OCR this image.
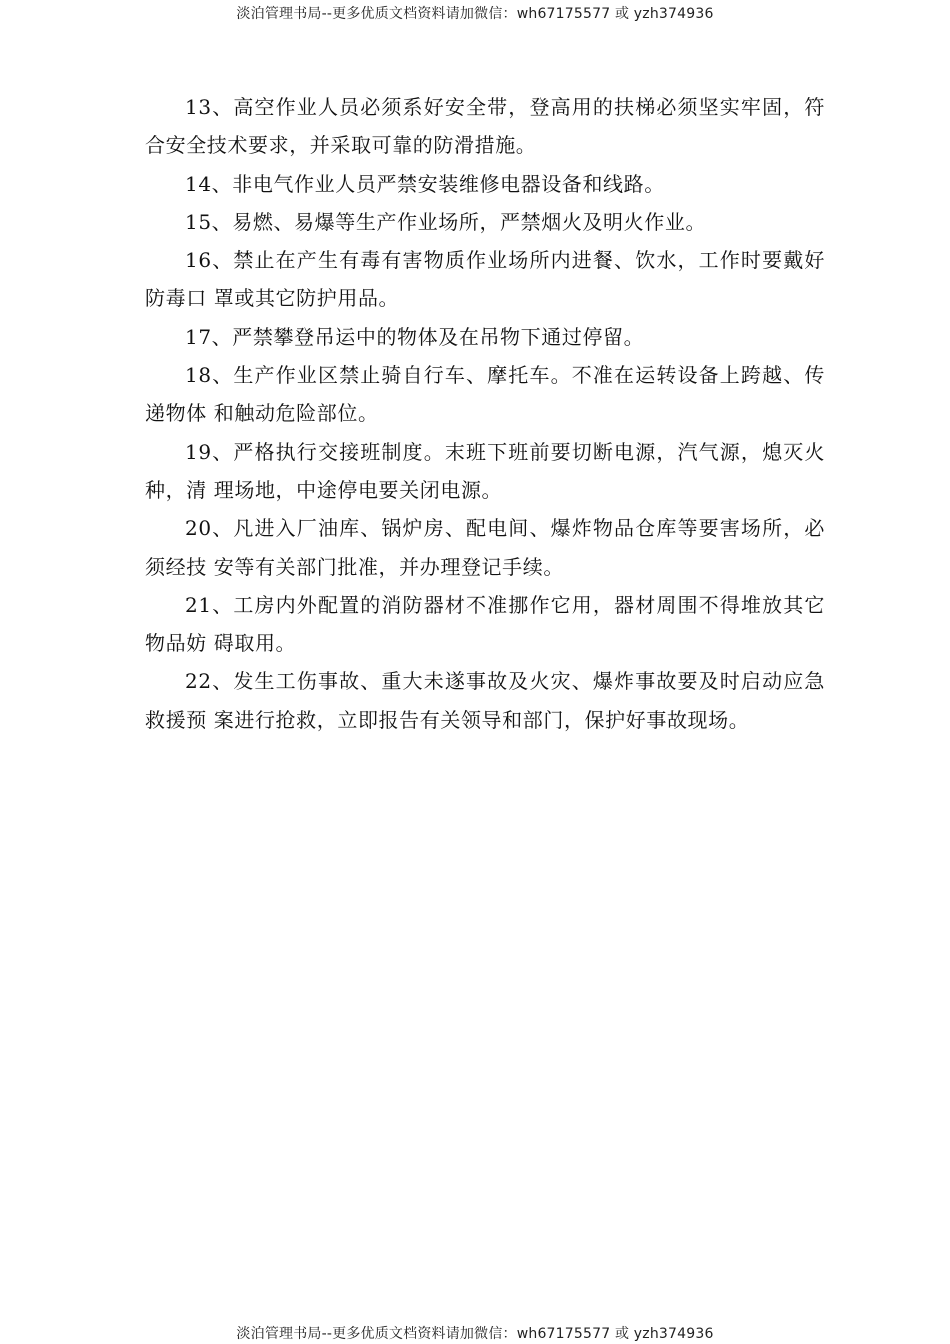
淡泊管理书局--更多优质文档资料请加微信：wh67175577 或 yzh374936

13、高空作业人员必须系好安全带，登高用的扶梯必须坚实牢固，符合安全技术要求，并采取可靠的防滑措施。

14、非电气作业人员严禁安装维修电器设备和线路。

15、易燃、易爆等生产作业场所，严禁烟火及明火作业。

16、禁止在产生有毒有害物质作业场所内进餐、饮水，工作时要戴好防毒口 罩或其它防护用品。

17、严禁攀登吊运中的物体及在吊物下通过停留。

18、生产作业区禁止骑自行车、摩托车。不准在运转设备上跨越、传递物体 和触动危险部位。

19、严格执行交接班制度。末班下班前要切断电源，汽气源，熄灭火种，清 理场地，中途停电要关闭电源。

20、凡进入厂油库、锅炉房、配电间、爆炸物品仓库等要害场所，必须经技 安等有关部门批准，并办理登记手续。

21、工房内外配置的消防器材不准挪作它用，器材周围不得堆放其它物品妨 碍取用。

22、发生工伤事故、重大未遂事故及火灾、爆炸事故要及时启动应急救援预 案进行抢救，立即报告有关领导和部门，保护好事故现场。

淡泊管理书局--更多优质文档资料请加微信：wh67175577 或 yzh374936
